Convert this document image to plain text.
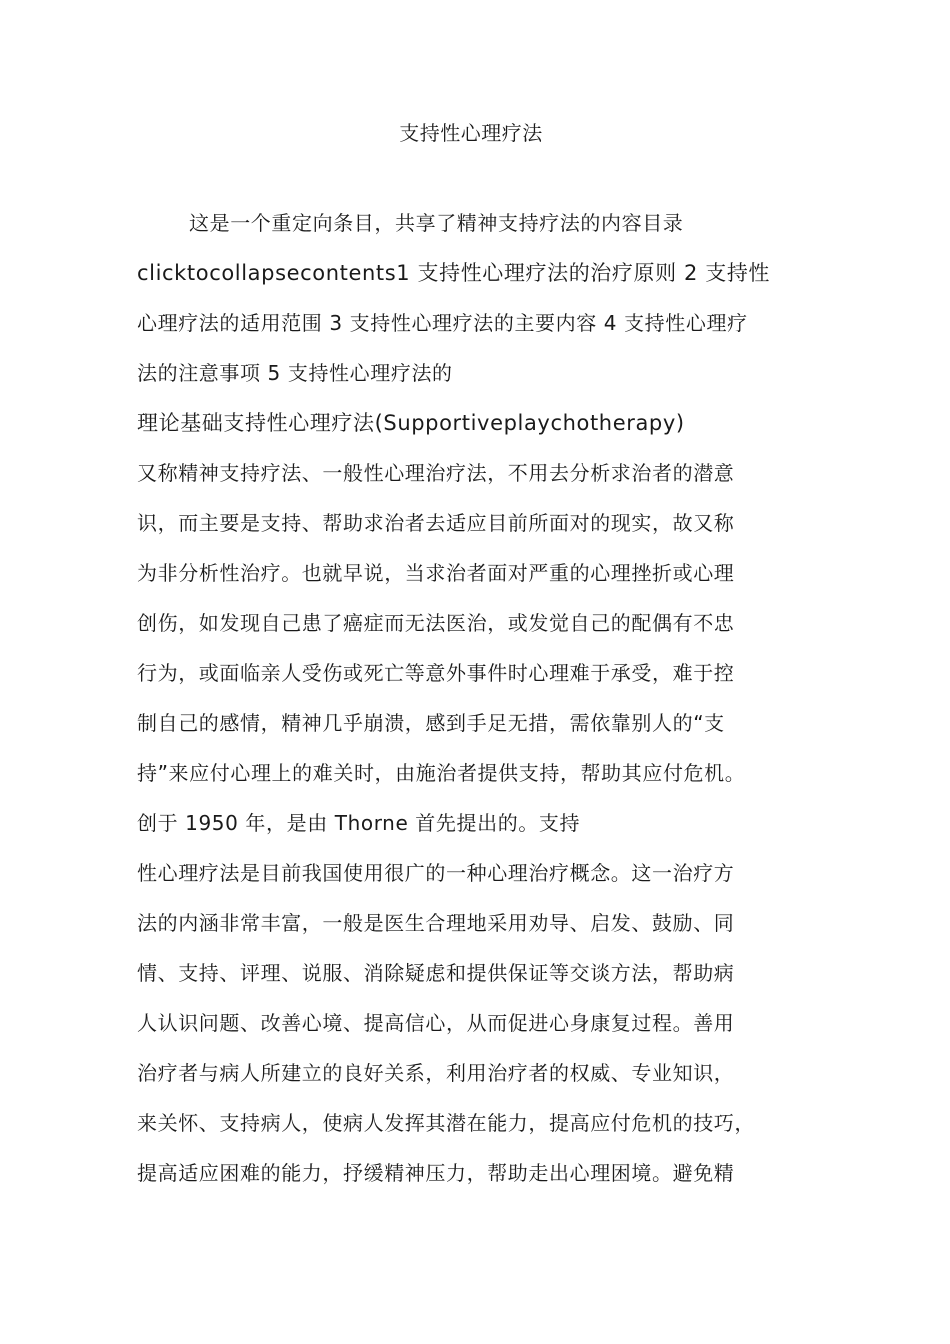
支持性心理疗法
这是一个重定向条目，共享了精神支持疗法的内容目录
clicktocollapsecontents1 支持性心理疗法的治疗原则 2 支持性
心理疗法的适用范围 3 支持性心理疗法的主要内容 4 支持性心理疗
法的注意事项 5 支持性心理疗法的
理论基础支持性心理疗法(Supportiveplaychotherapy)
又称精神支持疗法、一般性心理治疗法，不用去分析求治者的潜意
识，而主要是支持、帮助求治者去适应目前所面对的现实，故又称
为非分析性治疗。也就早说，当求治者面对严重的心理挫折或心理
创伤，如发现自己患了癌症而无法医治，或发觉自己的配偶有不忠
行为，或面临亲人受伤或死亡等意外事件时心理难于承受，难于控
制自己的感情，精神几乎崩溃，感到手足无措，需依靠别人的“支
持”来应付心理上的难关时，由施治者提供支持，帮助其应付危机。
创于 1950 年，是由 Thorne 首先提出的。支持
性心理疗法是目前我国使用很广的一种心理治疗概念。这一治疗方
法的内涵非常丰富，一般是医生合理地采用劝导、启发、鼓励、同
情、支持、评理、说服、消除疑虑和提供保证等交谈方法，帮助病
人认识问题、改善心境、提高信心，从而促进心身康复过程。善用
治疗者与病人所建立的良好关系，利用治疗者的权威、专业知识，
来关怀、支持病人，使病人发挥其潜在能力，提高应付危机的技巧，
提高适应困难的能力，抒缓精神压力，帮助走出心理困境。避免精
